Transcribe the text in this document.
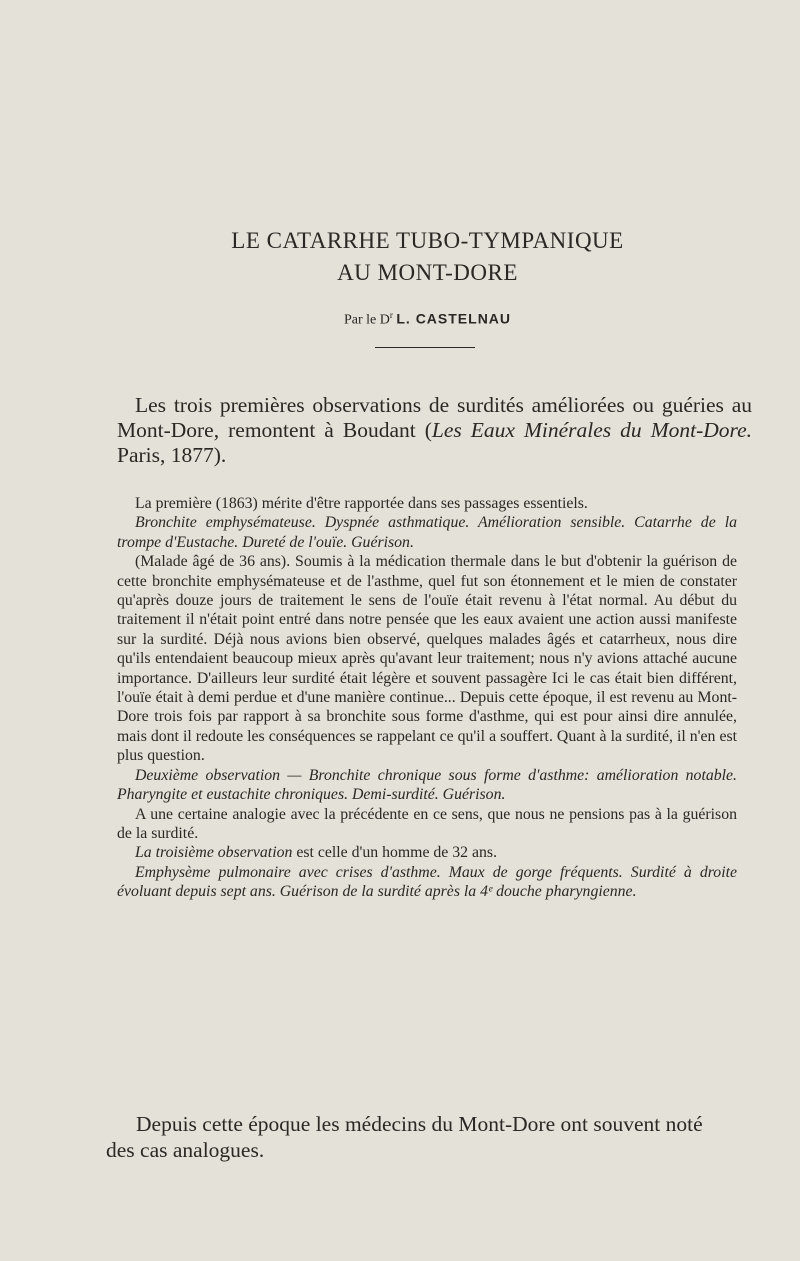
LE CATARRHE TUBO-TYMPANIQUE
AU MONT-DORE
Par le $D^r$ L. CASTELNAU

Les trois premières observations de surdités améliorées ou guéries au Mont-Dore, remontent à Boudant (Les Eaux Minérales du Mont-Dore. Paris, 1877).

La première (1863) mérite d'être rapportée dans ses passages essentiels.

Bronchite emphysémateuse. Dyspnée asthmatique. Amélioration sensible. Catarrhe de la trompe d'Eustache. Dureté de l'ouïe. Guérison.

(Malade âgé de 36 ans). Soumis à la médication thermale dans le but d'obtenir la guérison de cette bronchite emphysémateuse et de l'asthme, quel fut son étonnement et le mien de constater qu'après douze jours de traitement le sens de l'ouïe était revenu à l'état normal. Au début du traitement il n'était point entré dans notre pensée que les eaux avaient une action aussi manifeste sur la surdité. Déjà nous avions bien observé, quelques malades âgés et catarrheux, nous dire qu'ils entendaient beaucoup mieux après qu'avant leur traitement; nous n'y avions attaché aucune importance. D'ailleurs leur surdité était légère et souvent passagère Ici le cas était bien différent, l'ouïe était à demi perdue et d'une manière continue... Depuis cette époque, il est revenu au Mont-Dore trois fois par rapport à sa bronchite sous forme d'asthme, qui est pour ainsi dire annulée, mais dont il redoute les conséquences se rappelant ce qu'il a souffert. Quant à la surdité, il n'en est plus question.

Deuxième observation — Bronchite chronique sous forme d'asthme: amélioration notable. Pharyngite et eustachite chroniques. Demi-surdité. Guérison.

A une certaine analogie avec la précédente en ce sens, que nous ne pensions pas à la guérison de la surdité.

La troisième observation est celle d'un homme de 32 ans.

Emphysème pulmonaire avec crises d'asthme. Maux de gorge fréquents. Surdité à droite évoluant depuis sept ans. Guérison de la surdité après la 4ᵉ douche pharyngienne.

Depuis cette époque les médecins du Mont-Dore ont souvent noté des cas analogues.
